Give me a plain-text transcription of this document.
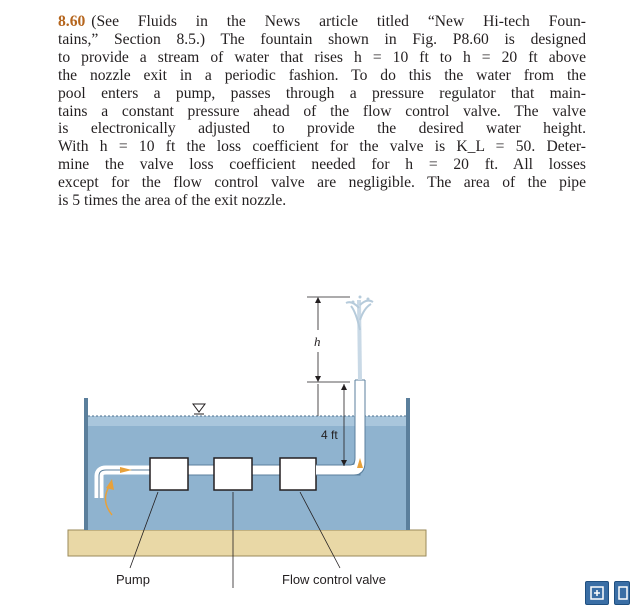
8.60 (See Fluids in the News article titled “New Hi-tech Foun-
tains,” Section 8.5.) The fountain shown in Fig. P8.60 is designed
to provide a stream of water that rises h = 10 ft to h = 20 ft above
the nozzle exit in a periodic fashion. To do this the water from the
pool enters a pump, passes through a pressure regulator that main-
tains a constant pressure ahead of the flow control valve. The valve
is electronically adjusted to provide the desired water height.
With h = 10 ft the loss coefficient for the valve is K_L = 50. Deter-
mine the valve loss coefficient needed for h = 20 ft. All losses
except for the flow control valve are negligible. The area of the pipe
is 5 times the area of the exit nozzle.
h
4 ft
Pump	Flow control valve
